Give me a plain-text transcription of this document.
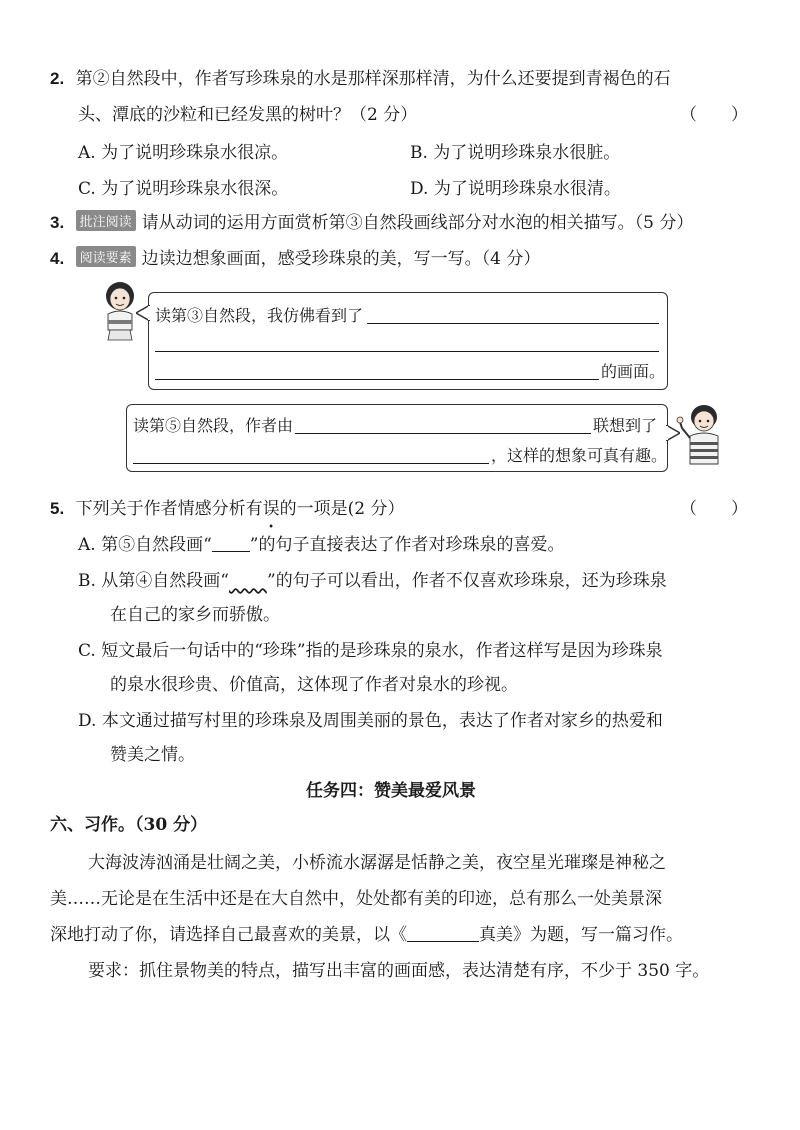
2. 第②自然段中，作者写珍珠泉的水是那样深那样清，为什么还要提到青褐色的石
头、潭底的沙粒和已经发黑的树叶？（2 分）	（　　）
A. 为了说明珍珠泉水很凉。	B. 为了说明珍珠泉水很脏。
C. 为了说明珍珠泉水很深。	D. 为了说明珍珠泉水很清。
3. 批注阅读 请从动词的运用方面赏析第③自然段画线部分对水泡的相关描写。（5 分）
4. 阅读要素 边读边想象画面，感受珍珠泉的美，写一写。（4 分）
读第③自然段，我仿佛看到了
的画面。
读第⑤自然段，作者由	联想到了
，这样的想象可真有趣。
5. 下列关于作者情感分析有误的一项是(2 分）	（　　）
A. 第⑤自然段画“ ”的句子直接表达了作者对珍珠泉的喜爱。
B. 从第④自然段画“ ”的句子可以看出，作者不仅喜欢珍珠泉，还为珍珠泉
在自己的家乡而骄傲。
C. 短文最后一句话中的“珍珠”指的是珍珠泉的泉水，作者这样写是因为珍珠泉
的泉水很珍贵、价值高，这体现了作者对泉水的珍视。
D. 本文通过描写村里的珍珠泉及周围美丽的景色，表达了作者对家乡的热爱和
赞美之情。
任务四：赞美最爱风景
六、习作。（30 分）
大海波涛汹涌是壮阔之美，小桥流水潺潺是恬静之美，夜空星光璀璨是神秘之
美……无论是在生活中还是在大自然中，处处都有美的印迹，总有那么一处美景深
深地打动了你，请选择自己最喜欢的美景，以《	真美》为题，写一篇习作。
要求：抓住景物美的特点，描写出丰富的画面感，表达清楚有序，不少于 350 字。
